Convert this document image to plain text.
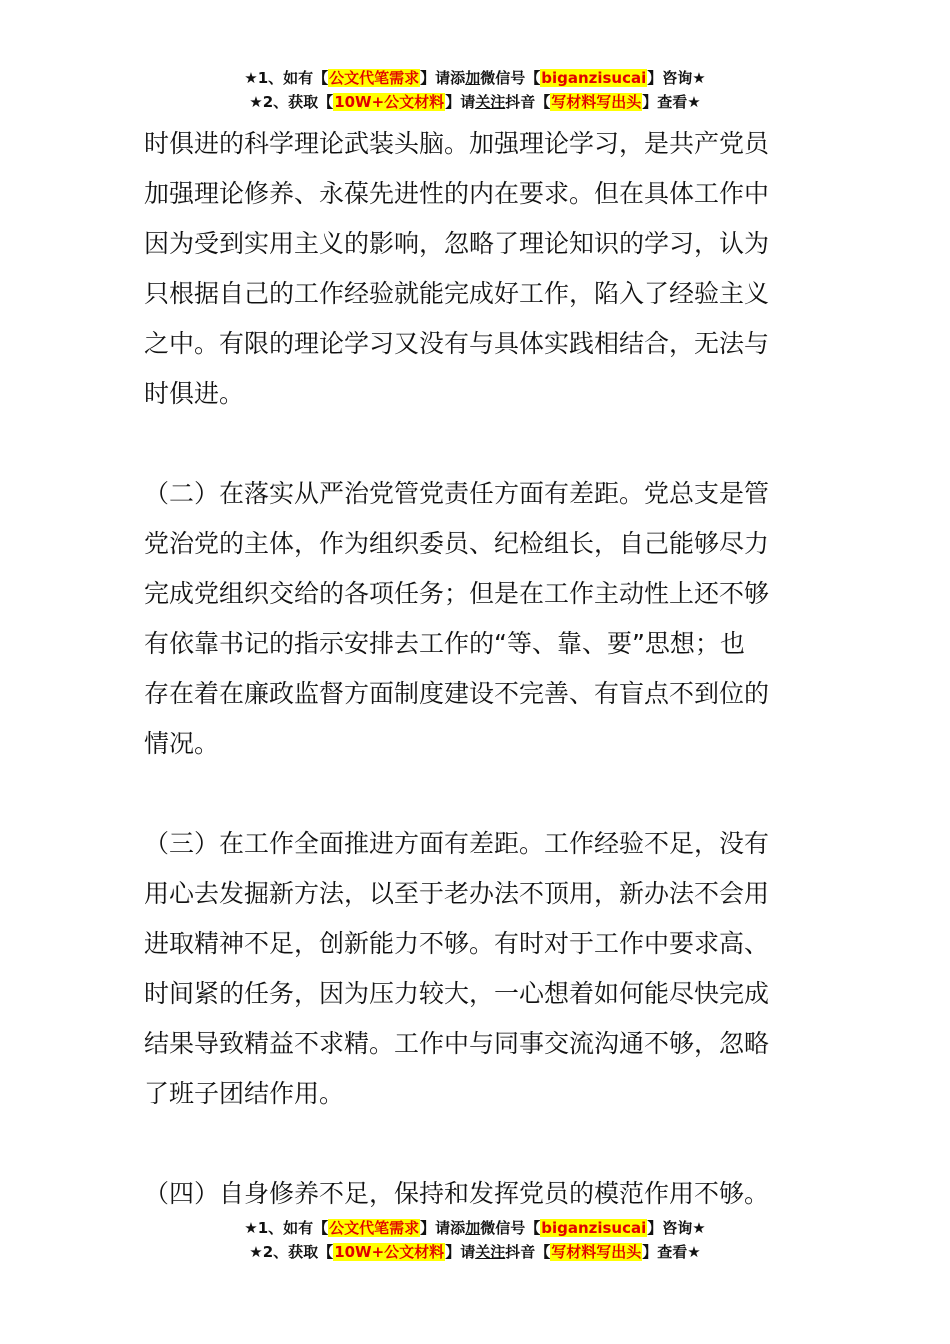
★1、如有【公文代笔需求】请添加微信号【biganzisucai】咨询★
★2、获取【10W+公文材料】请关注抖音【写材料写出头】查看★
时俱进的科学理论武装头脑。加强理论学习，是共产党员
加强理论修养、永葆先进性的内在要求。但在具体工作中
因为受到实用主义的影响，忽略了理论知识的学习，认为
只根据自己的工作经验就能完成好工作，陷入了经验主义
之中。有限的理论学习又没有与具体实践相结合，无法与
时俱进。
（二）在落实从严治党管党责任方面有差距。党总支是管
党治党的主体，作为组织委员、纪检组长，自己能够尽力
完成党组织交给的各项任务；但是在工作主动性上还不够
有依靠书记的指示安排去工作的“等、靠、要”思想；也
存在着在廉政监督方面制度建设不完善、有盲点不到位的
情况。
（三）在工作全面推进方面有差距。工作经验不足，没有
用心去发掘新方法，以至于老办法不顶用，新办法不会用
进取精神不足，创新能力不够。有时对于工作中要求高、
时间紧的任务，因为压力较大，一心想着如何能尽快完成
结果导致精益不求精。工作中与同事交流沟通不够，忽略
了班子团结作用。
（四）自身修养不足，保持和发挥党员的模范作用不够。
★1、如有【公文代笔需求】请添加微信号【biganzisucai】咨询★
★2、获取【10W+公文材料】请关注抖音【写材料写出头】查看★
